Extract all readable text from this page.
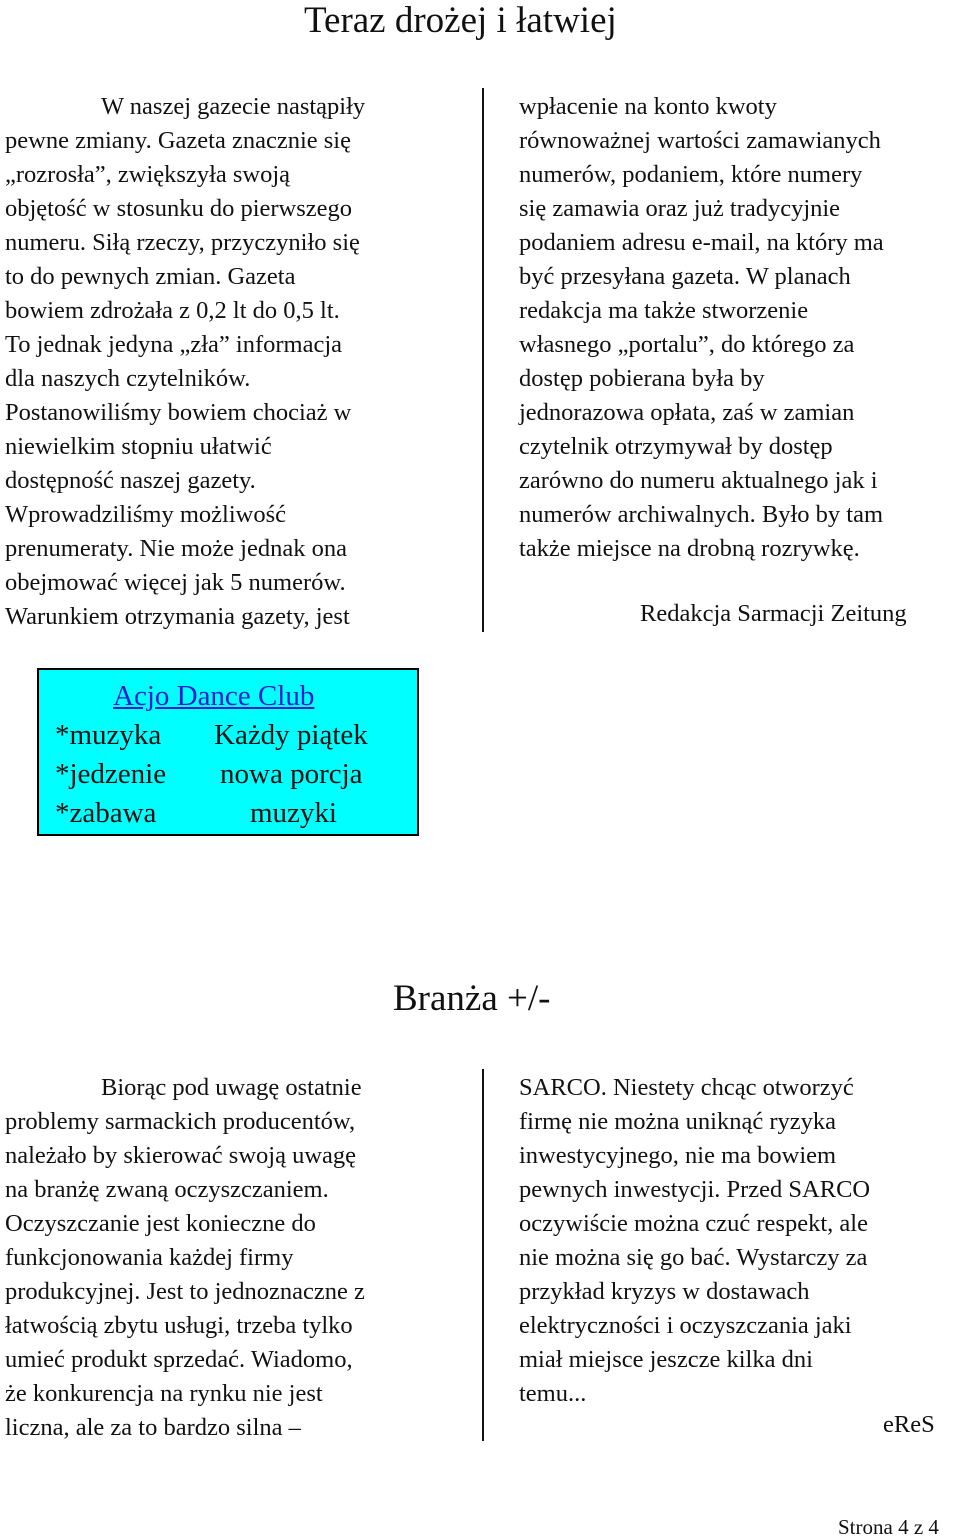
Teraz drożej i łatwiej
W naszej gazecie nastąpiły
pewne zmiany. Gazeta znacznie się
„rozrosła”, zwiększyła swoją
objętość w stosunku do pierwszego
numeru. Siłą rzeczy, przyczyniło się
to do pewnych zmian. Gazeta
bowiem zdrożała z 0,2 lt do 0,5 lt.
To jednak jedyna „zła” informacja
dla naszych czytelników.
Postanowiliśmy bowiem chociaż w
niewielkim stopniu ułatwić
dostępność naszej gazety.
Wprowadziliśmy możliwość
prenumeraty. Nie może jednak ona
obejmować więcej jak 5 numerów.
Warunkiem otrzymania gazety, jest
wpłacenie na konto kwoty
równoważnej wartości zamawianych
numerów, podaniem, które numery
się zamawia oraz już tradycyjnie
podaniem adresu e-mail, na który ma
być przesyłana gazeta. W planach
redakcja ma także stworzenie
własnego „portalu”, do którego za
dostęp pobierana była by
jednorazowa opłata, zaś w zamian
czytelnik otrzymywał by dostęp
zarówno do numeru aktualnego jak i
numerów archiwalnych. Było by tam
także miejsce na drobną rozrywkę.
Redakcja Sarmacji Zeitung
Acjo Dance Club
*muzyka
*jedzenie
*zabawa
Każdy piątek
nowa porcja
muzyki
Branża +/-
Biorąc pod uwagę ostatnie
problemy sarmackich producentów,
należało by skierować swoją uwagę
na branżę zwaną oczyszczaniem.
Oczyszczanie jest konieczne do
funkcjonowania każdej firmy
produkcyjnej. Jest to jednoznaczne z
łatwością zbytu usługi, trzeba tylko
umieć produkt sprzedać. Wiadomo,
że konkurencja na rynku nie jest
liczna, ale za to bardzo silna –
SARCO. Niestety chcąc otworzyć
firmę nie można uniknąć ryzyka
inwestycyjnego, nie ma bowiem
pewnych inwestycji. Przed SARCO
oczywiście można czuć respekt, ale
nie można się go bać. Wystarczy za
przykład kryzys w dostawach
elektryczności i oczyszczania jaki
miał miejsce jeszcze kilka dni
temu...
eReS
Strona 4 z 4
